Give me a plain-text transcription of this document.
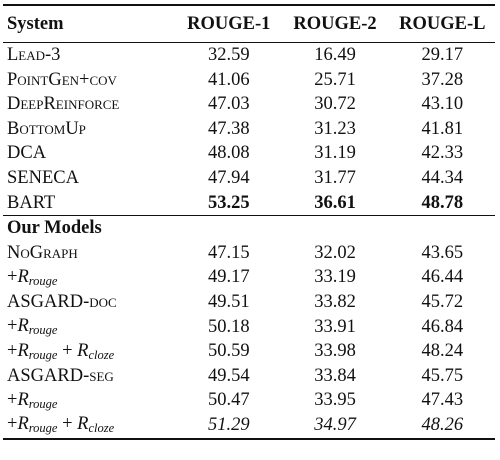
System	ROUGE-1	ROUGE-2	ROUGE-L
Lead-3	32.59	16.49	29.17
PointGen+cov	41.06	25.71	37.28
DeepReinforce	47.03	30.72	43.10
BottomUp	47.38	31.23	41.81
DCA	48.08	31.19	42.33
SENECA	47.94	31.77	44.34
BART	53.25	36.61	48.78
Our Models			
NoGraph	47.15	32.02	43.65
$+R_{rouge}$	49.17	33.19	46.44
ASGARD-doc	49.51	33.82	45.72
$+R_{rouge}$	50.18	33.91	46.84
$+R_{rouge} + R_{cloze}$	50.59	33.98	48.24
ASGARD-seg	49.54	33.84	45.75
$+R_{rouge}$	50.47	33.95	47.43
$+R_{rouge} + R_{cloze}$	51.29	34.97	48.26
